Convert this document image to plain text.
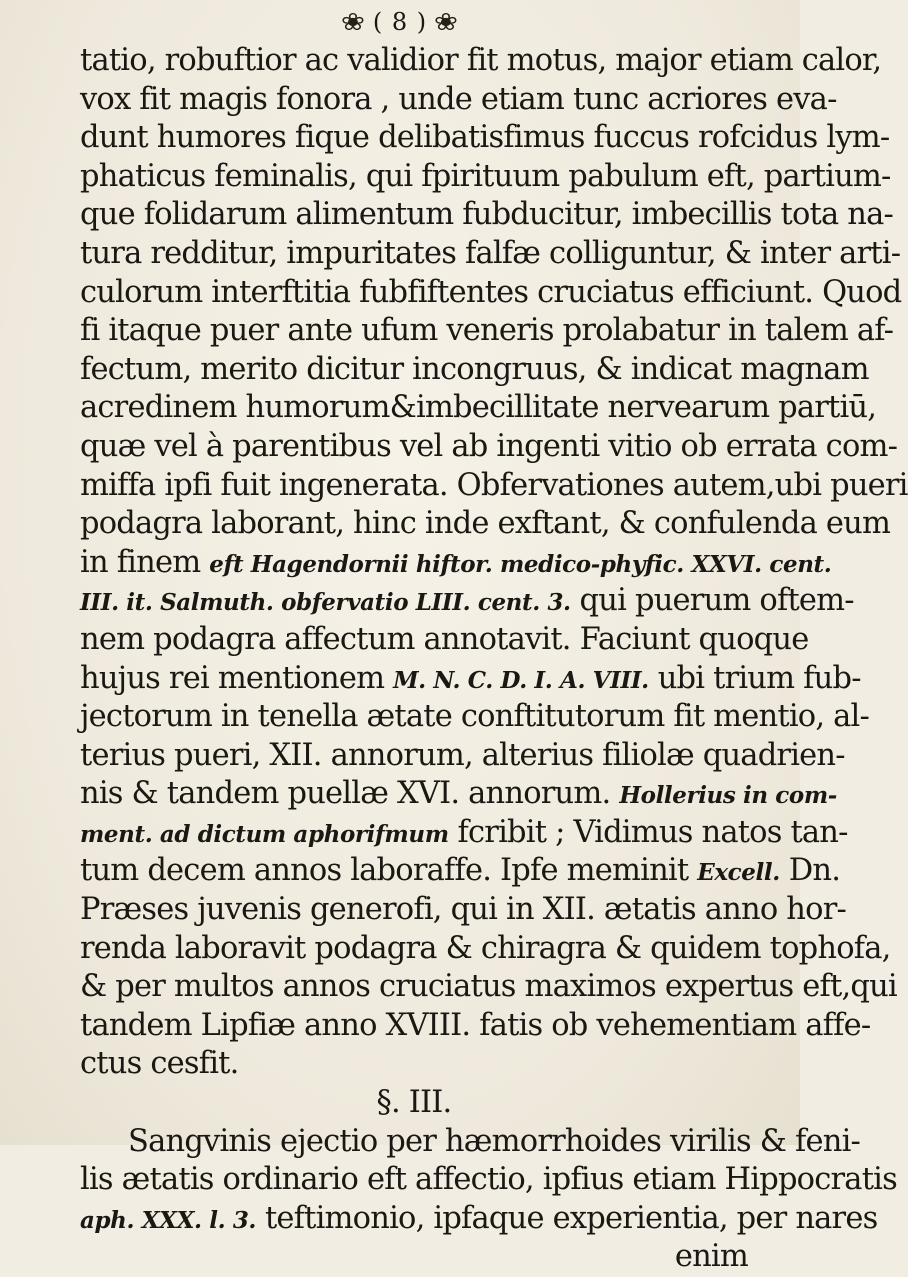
❀ ( 8 ) ❀
tatio, robuftior ac validior fit motus, major etiam calor,
vox fit magis fonora , unde etiam tunc acriores eva-
dunt humores fique delibatisfimus fuccus rofcidus lym-
phaticus feminalis, qui fpirituum pabulum eft, partium-
que folidarum alimentum fubducitur, imbecillis tota na-
tura redditur, impuritates falfæ colliguntur, & inter arti-
culorum interftitia fubfiftentes cruciatus efficiunt. Quod
fi itaque puer ante ufum veneris prolabatur in talem af-
fectum, merito dicitur incongruus, & indicat magnam
acredinem humorum&imbecillitate nervearum partiū,
quæ vel à parentibus vel ab ingenti vitio ob errata com-
miffa ipfi fuit ingenerata. Obfervationes autem,ubi pueri
podagra laborant, hinc inde exftant, & confulenda eum
in finem eft Hagendornii hiftor. medico-phyfic. XXVI. cent.
III. it. Salmuth. obfervatio LIII. cent. 3. qui puerum oftem-
nem podagra affectum annotavit. Faciunt quoque
hujus rei mentionem M. N. C. D. I. A. VIII. ubi trium fub-
jectorum in tenella ætate conftitutorum fit mentio, al-
terius pueri, XII. annorum, alterius filiolæ quadrien-
nis & tandem puellæ XVI. annorum. Hollerius in com-
ment. ad dictum aphorifmum fcribit ; Vidimus natos tan-
tum decem annos laboraffe. Ipfe meminit Excell. Dn.
Præses juvenis generofi, qui in XII. ætatis anno hor-
renda laboravit podagra & chiragra & quidem tophofa,
& per multos annos cruciatus maximos expertus eft,qui
tandem Lipfiæ anno XVIII. fatis ob vehementiam affe-
ctus cesfit.
§. III.
Sangvinis ejectio per hæmorrhoides virilis & feni-
lis ætatis ordinario eft affectio, ipfius etiam Hippocratis
aph. XXX. l. 3. teftimonio, ipfaque experientia, per nares
enim
